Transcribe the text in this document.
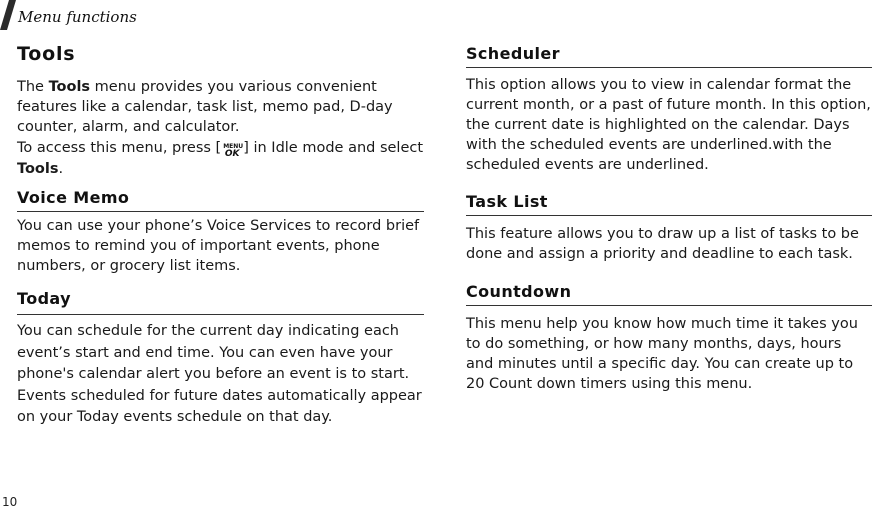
Menu functions
Tools

The Tools menu provides you various convenient features like a calendar, task list, memo pad, D-day counter, alarm, and calculator.

To access this menu, press [ MENU
OK ] in Idle mode and select Tools.

Voice Memo

You can use your phone’s Voice Services to record brief memos to remind you of important events, phone numbers, or grocery list items.

Today

You can schedule for the current day indicating each event’s start and end time. You can even have your phone's calendar alert you before an event is to start. Events scheduled for future dates automatically appear on your Today events schedule on that day.

Scheduler

This option allows you to view in calendar format the current month, or a past of future month. In this option, the current date is highlighted on the calendar. Days with the scheduled events are underlined.with the scheduled events are underlined.

Task List

This feature allows you to draw up a list of tasks to be done and assign a priority and deadline to each task.

Countdown

This menu help you know how much time it takes you to do something, or how many months, days, hours and minutes until a specific day. You can create up to 20 Count down timers using this menu.

10
